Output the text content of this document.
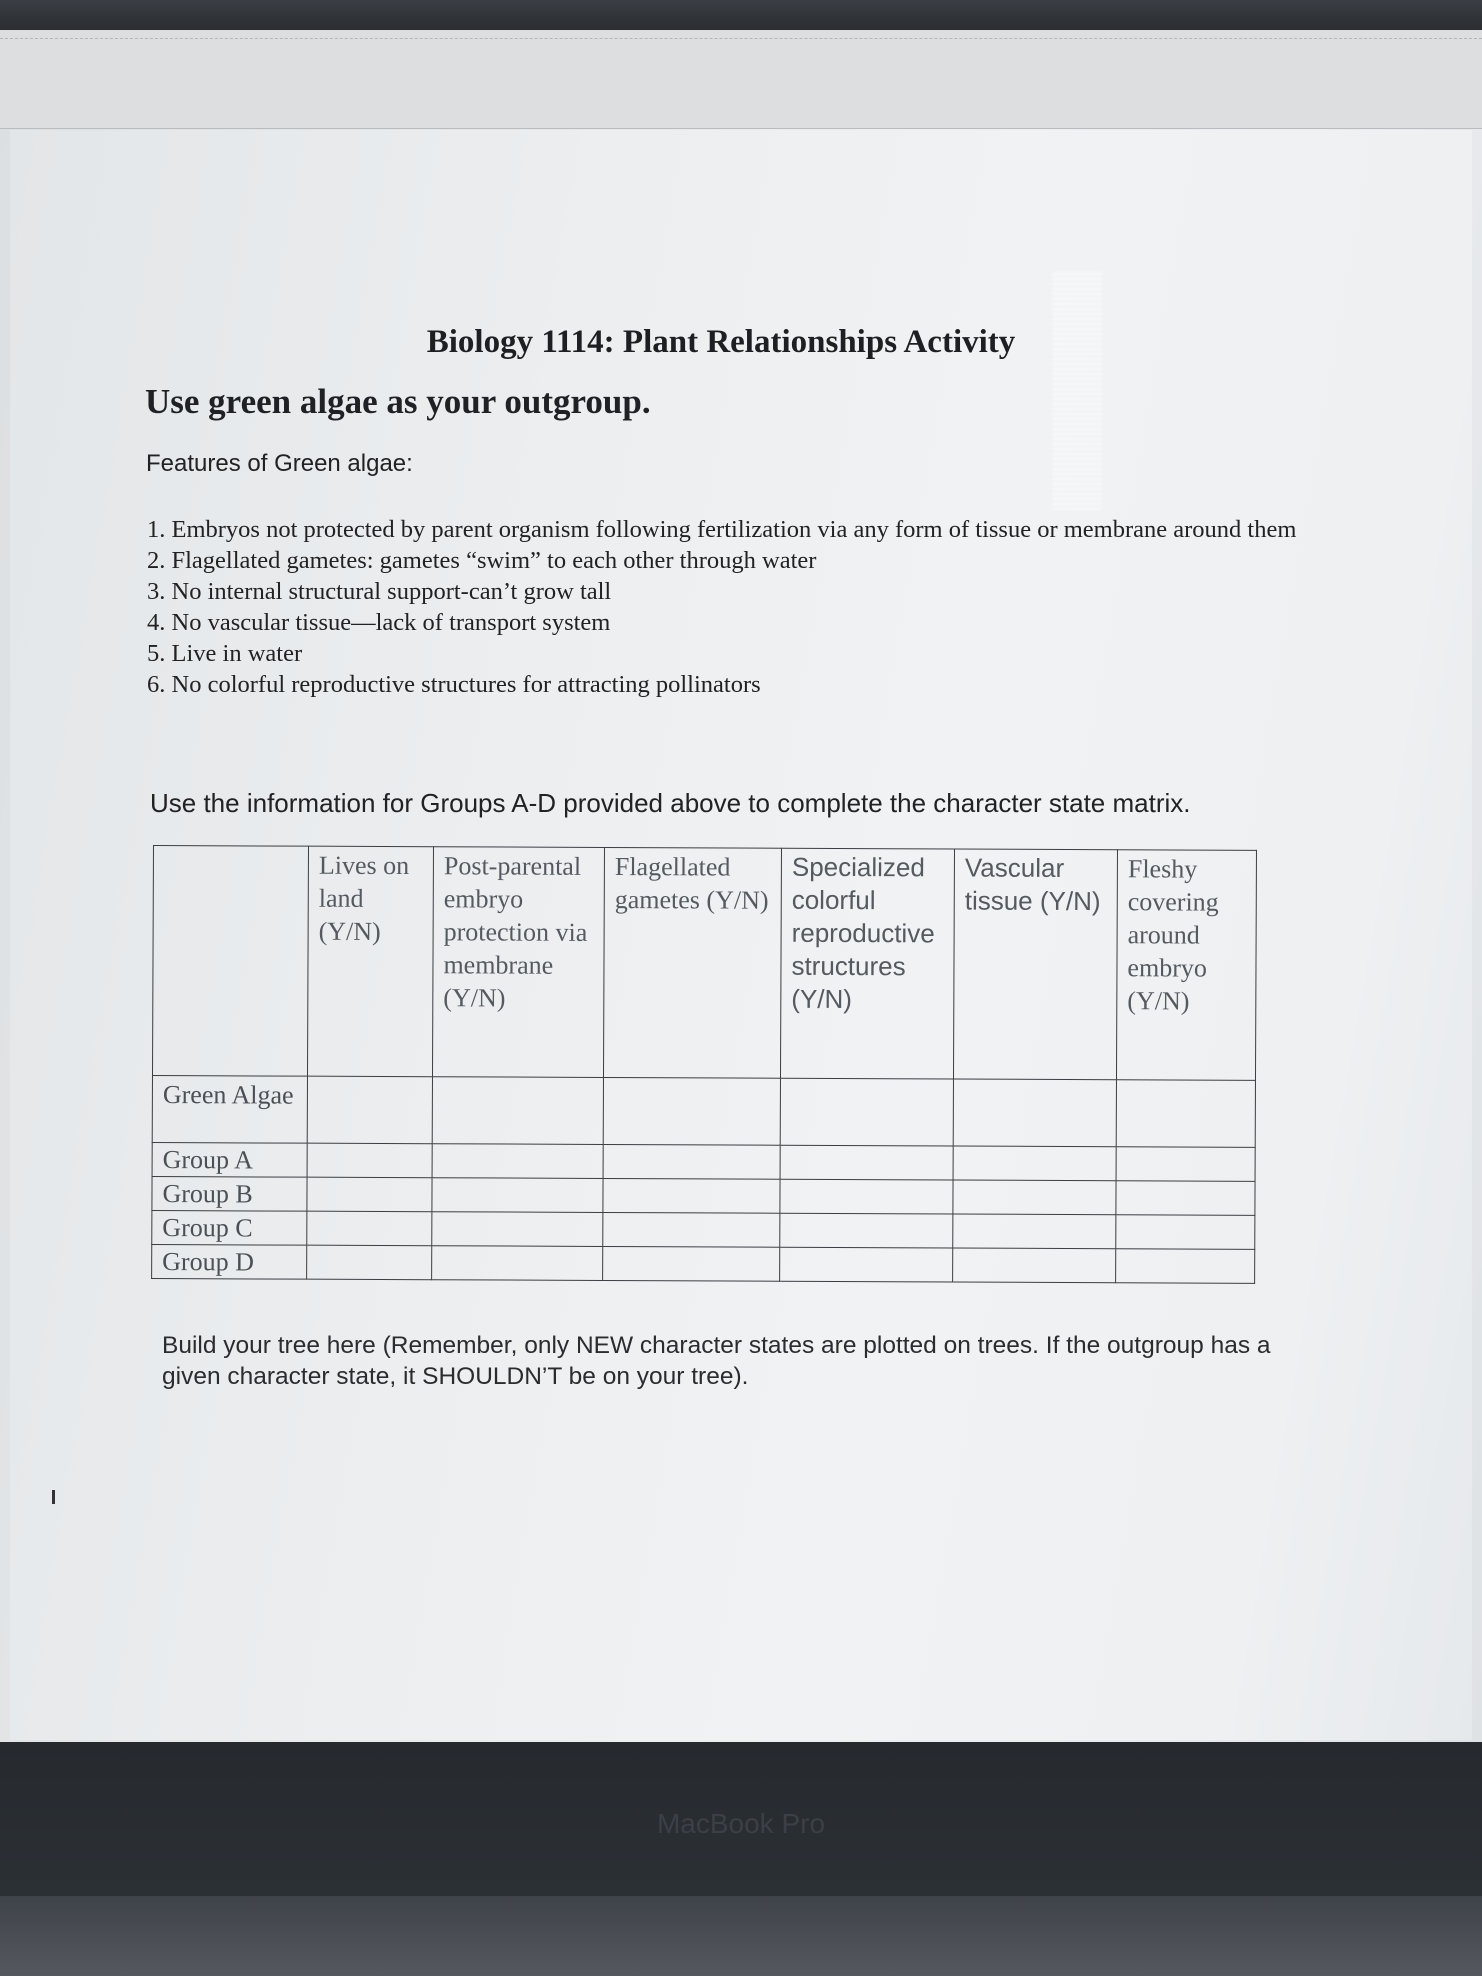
Biology 1114: Plant Relationships Activity
Use green algae as your outgroup.
Features of Green algae:
1. Embryos not protected by parent organism following fertilization via any form of tissue or membrane around them
2. Flagellated gametes: gametes “swim” to each other through water
3. No internal structural support-can’t grow tall
4. No vascular tissue—lack of transport system
5. Live in water
6. No colorful reproductive structures for attracting pollinators
Use the information for Groups A-D provided above to complete the character state matrix.
	Lives on land (Y/N)	Post-parental embryo protection via membrane (Y/N)	Flagellated gametes (Y/N)	Specialized colorful reproductive structures (Y/N)	Vascular tissue (Y/N)	Fleshy covering around embryo (Y/N)
Green Algae						
Group A						
Group B						
Group C						
Group D						
Build your tree here (Remember, only NEW character states are plotted on trees. If the outgroup has a given character state, it SHOULDN’T be on your tree).
MacBook Pro
